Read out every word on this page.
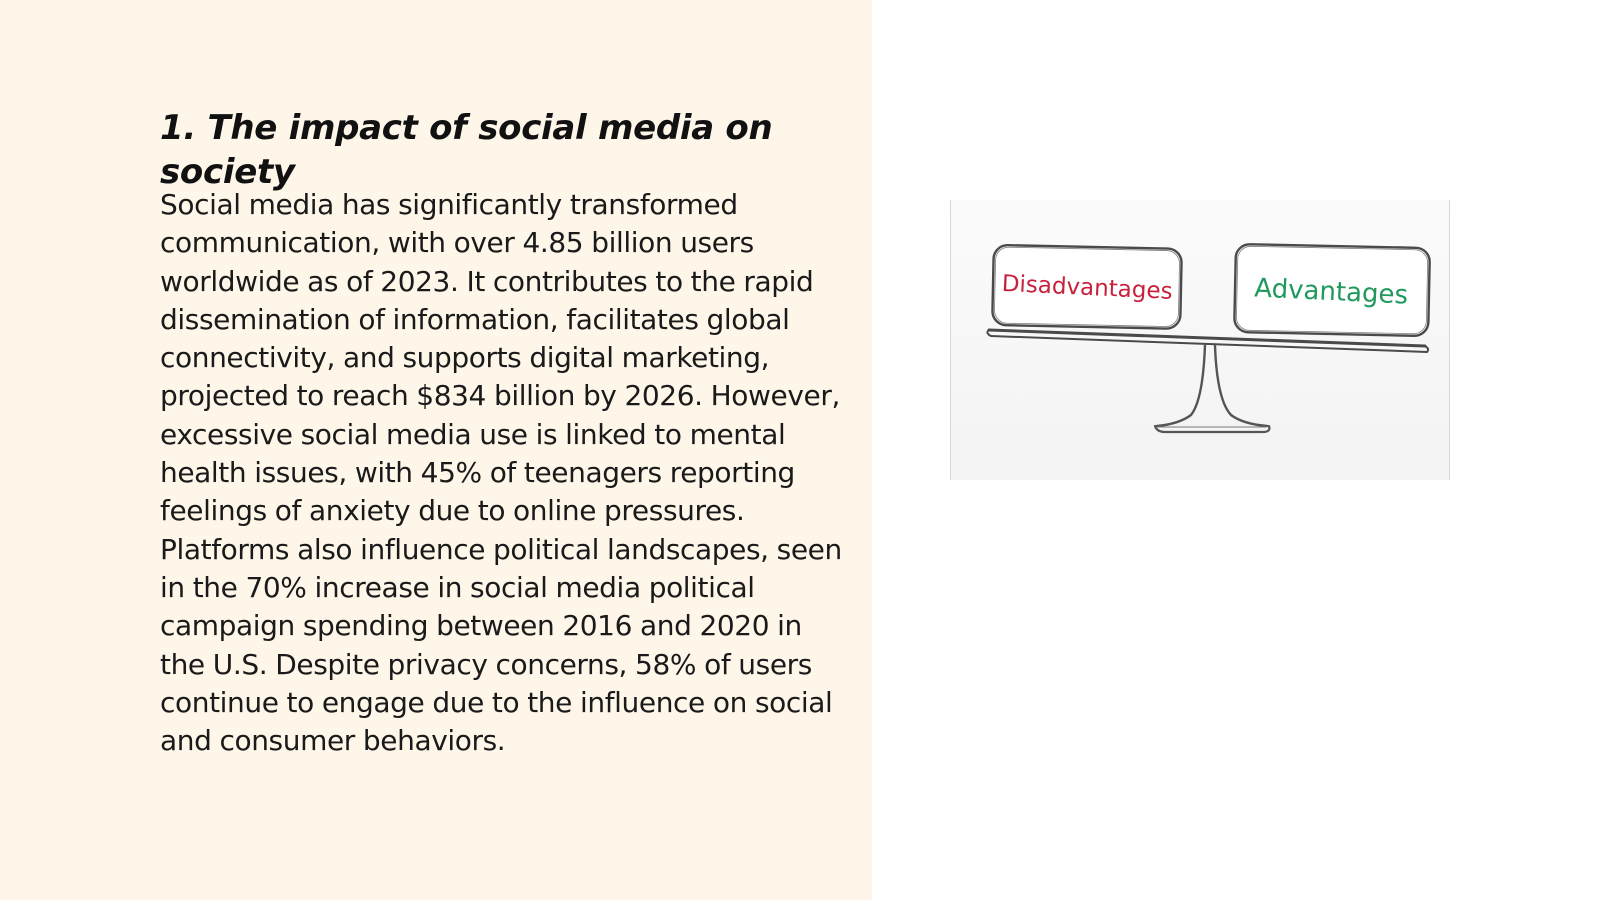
1. The impact of social media on society

Social media has significantly transformed communication, with over 4.85 billion users worldwide as of 2023. It contributes to the rapid dissemination of information, facilitates global connectivity, and supports digital marketing, projected to reach $834 billion by 2026. However, excessive social media use is linked to mental health issues, with 45% of teenagers reporting feelings of anxiety due to online pressures. Platforms also influence political landscapes, seen in the 70% increase in social media political campaign spending between 2016 and 2020 in the U.S. Despite privacy concerns, 58% of users continue to engage due to the influence on social and consumer behaviors.

Disadvantages	Advantages
